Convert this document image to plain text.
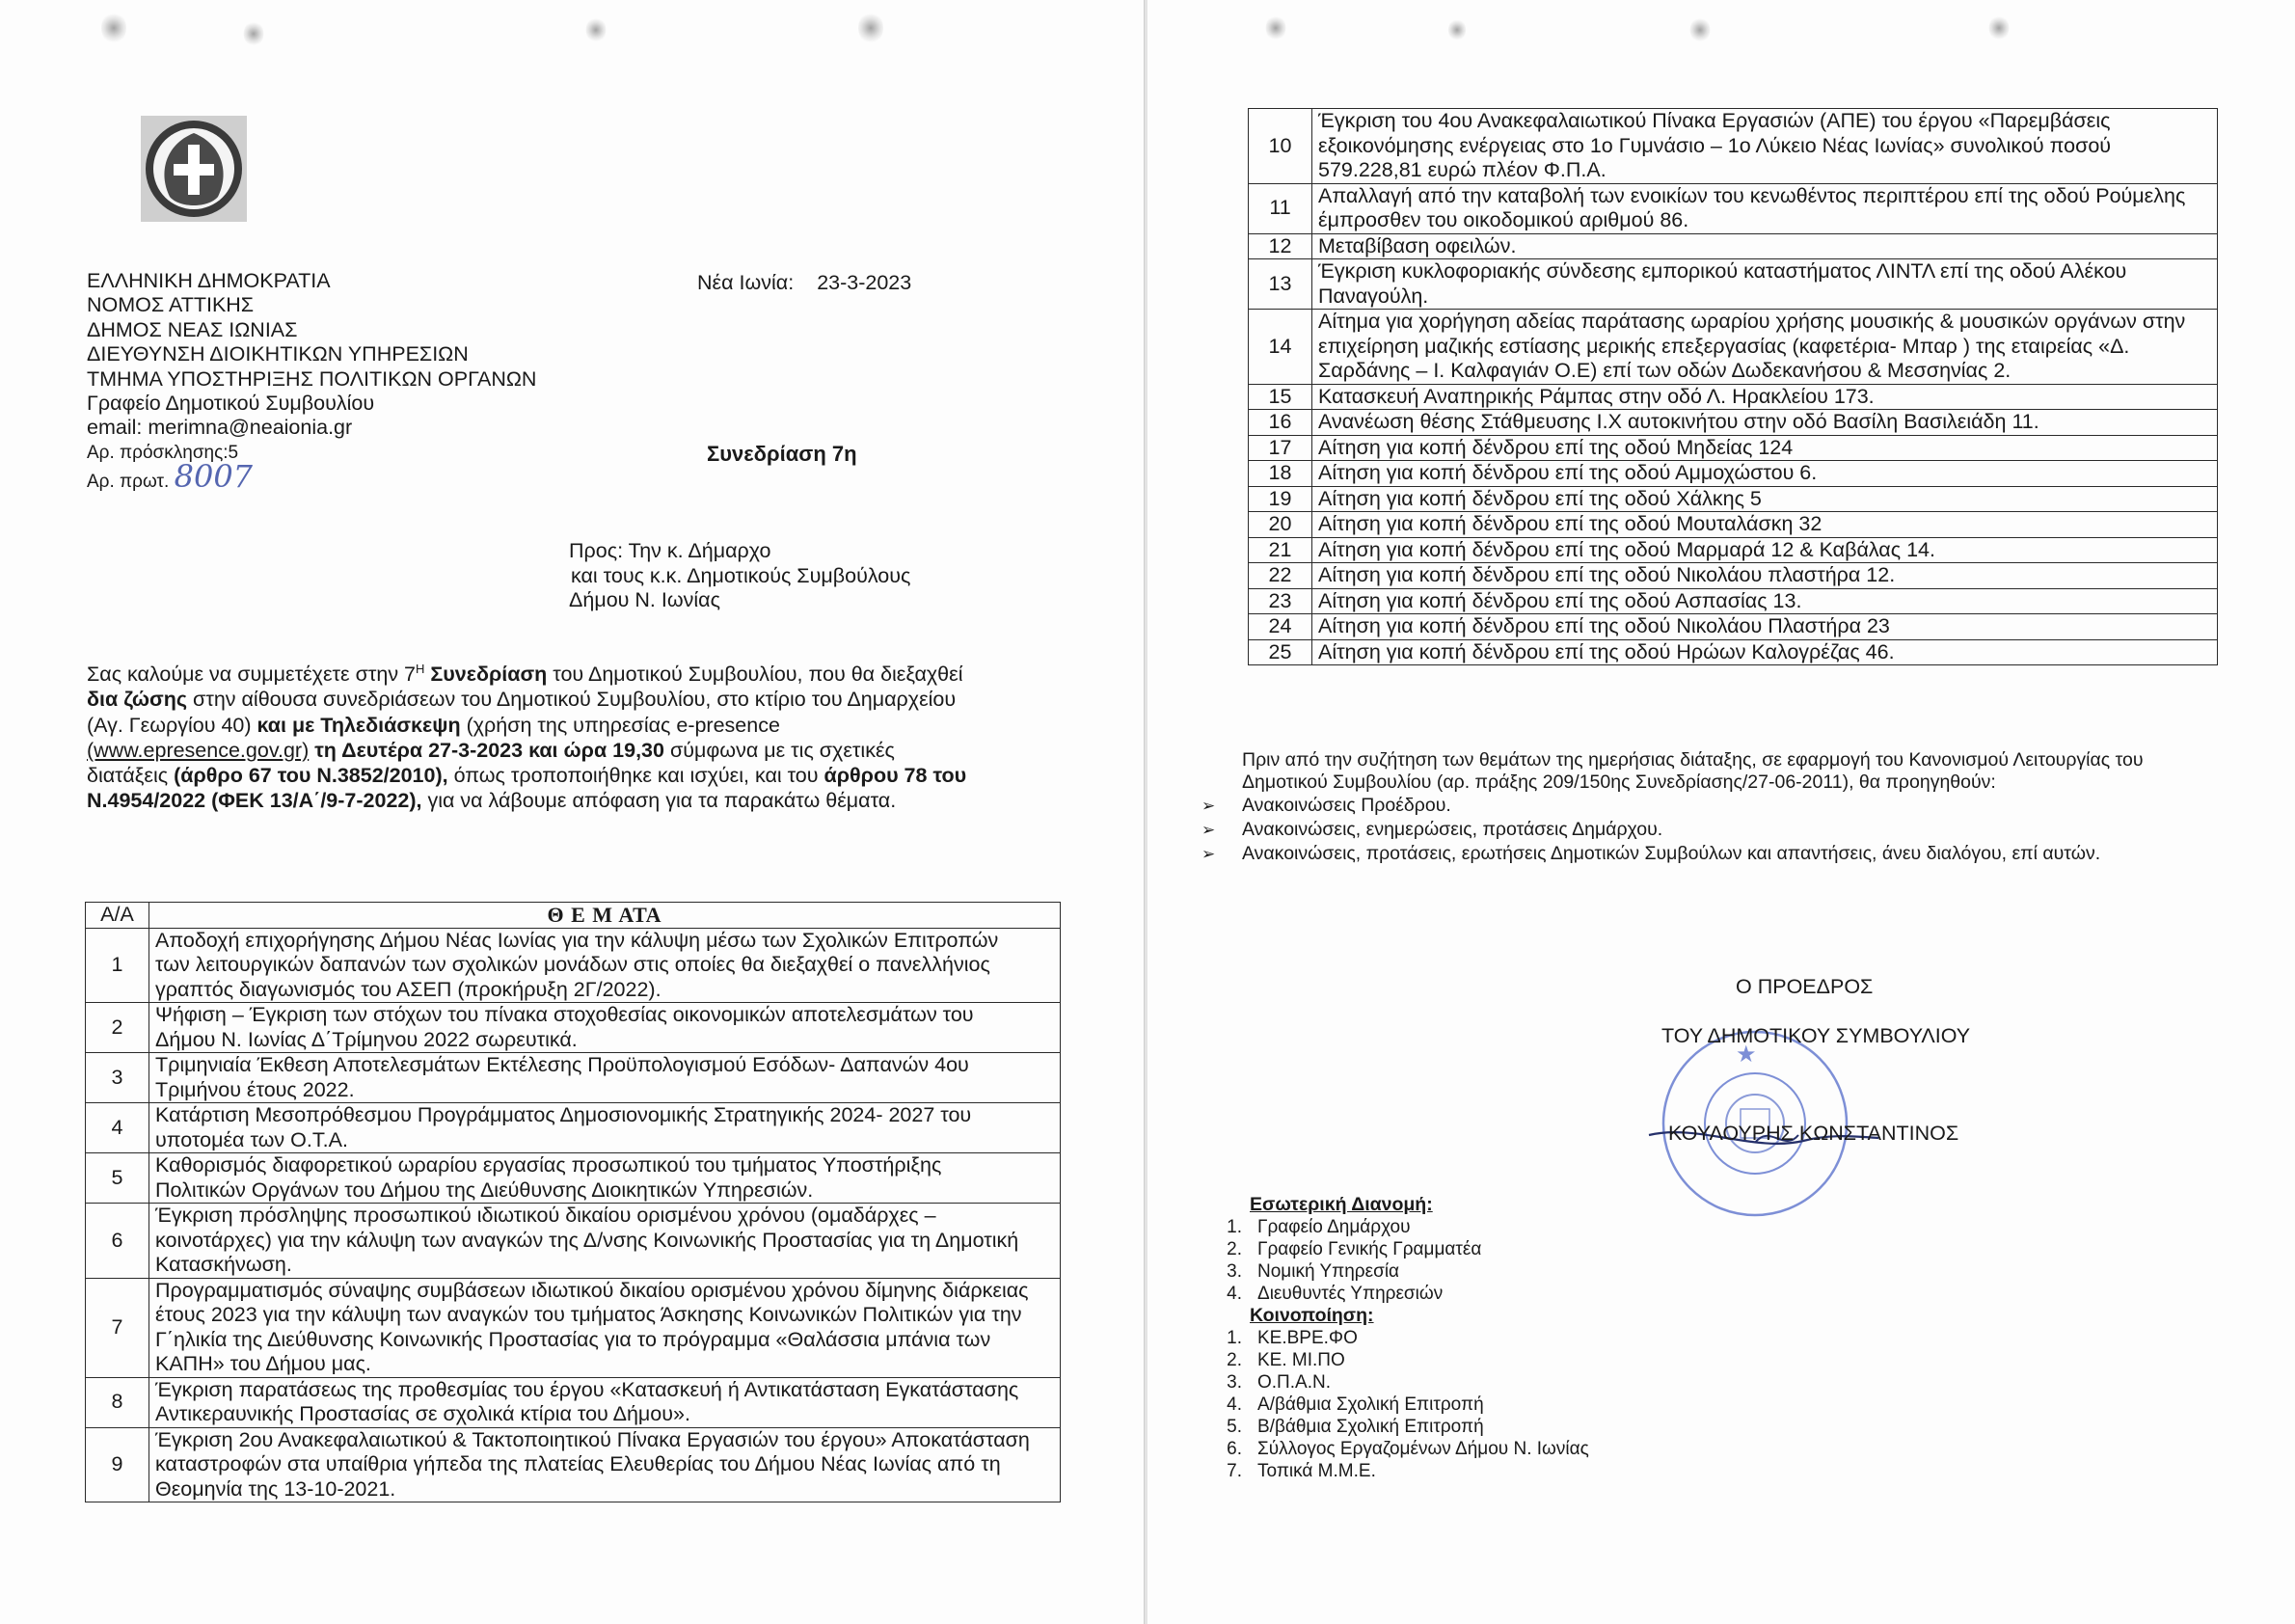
ΕΛΛΗΝΙΚΗ ΔΗΜΟΚΡΑΤΙΑ
ΝΟΜΟΣ ΑΤΤΙΚΗΣ
ΔΗΜΟΣ ΝΕΑΣ ΙΩΝΙΑΣ
ΔΙΕΥΘΥΝΣΗ ΔΙΟΙΚΗΤΙΚΩΝ ΥΠΗΡΕΣΙΩΝ
ΤΜΗΜΑ ΥΠΟΣΤΗΡΙΞΗΣ ΠΟΛΙΤΙΚΩΝ ΟΡΓΑΝΩΝ
Γραφείο Δημοτικού Συμβουλίου
email: merimna@neaionia.gr
Αρ. πρόσκλησης:5
Αρ. πρωτ. 8007
Νέα Ιωνία: 23-3-2023
Συνεδρίαση 7η
Προς: Την κ. Δήμαρχο
και τους κ.κ. Δημοτικούς Συμβούλους
Δήμου Ν. Ιωνίας

Σας καλούμε να συμμετέχετε στην $7^H$ Συνεδρίαση του Δημοτικού Συμβουλίου, που θα διεξαχθεί

δια ζώσης στην αίθουσα συνεδριάσεων του Δημοτικού Συμβουλίου, στο κτίριο του Δημαρχείου

(Αγ. Γεωργίου 40) και με Τηλεδιάσκεψη (χρήση της υπηρεσίας e-presence

(www.epresence.gov.gr) τη Δευτέρα 27-3-2023 και ώρα 19,30 σύμφωνα με τις σχετικές

διατάξεις (άρθρο 67 του Ν.3852/2010), όπως τροποποιήθηκε και ισχύει, και του άρθρου 78 του

Ν.4954/2022 (ΦΕΚ 13/Α΄/9-7-2022), για να λάβουμε απόφαση για τα παρακάτω θέματα.

Α/Α	Θ Ε Μ ΑΤΑ
1	Αποδοχή επιχορήγησης Δήμου Νέας Ιωνίας για την κάλυψη μέσω των Σχολικών Επιτροπών
των λειτουργικών δαπανών των σχολικών μονάδων στις οποίες θα διεξαχθεί ο πανελλήνιος
γραπτός διαγωνισμός του ΑΣΕΠ (προκήρυξη 2Γ/2022).

2	Ψήφιση – Έγκριση των στόχων του πίνακα στοχοθεσίας οικονομικών αποτελεσμάτων του
Δήμου Ν. Ιωνίας Δ΄Τρίμηνου 2022 σωρευτικά.

3	Τριμηνιαία Έκθεση Αποτελεσμάτων Εκτέλεσης Προϋπολογισμού Εσόδων- Δαπανών 4ου
Τριμήνου έτους 2022.

4	Κατάρτιση Μεσοπρόθεσμου Προγράμματος Δημοσιονομικής Στρατηγικής 2024- 2027 του
υποτομέα των Ο.Τ.Α.

5	Καθορισμός διαφορετικού ωραρίου εργασίας προσωπικού του τμήματος Υποστήριξης
Πολιτικών Οργάνων του Δήμου της Διεύθυνσης Διοικητικών Υπηρεσιών.

6	Έγκριση πρόσληψης προσωπικού ιδιωτικού δικαίου ορισμένου χρόνου (ομαδάρχες –
κοινοτάρχες) για την κάλυψη των αναγκών της Δ/νσης Κοινωνικής Προστασίας για τη Δημοτική
Κατασκήνωση.

7	Προγραμματισμός σύναψης συμβάσεων ιδιωτικού δικαίου ορισμένου χρόνου δίμηνης διάρκειας
έτους 2023 για την κάλυψη των αναγκών του τμήματος Άσκησης Κοινωνικών Πολιτικών για την
Γ΄ηλικία της Διεύθυνσης Κοινωνικής Προστασίας για το πρόγραμμα «Θαλάσσια μπάνια των
ΚΑΠΗ» του Δήμου μας.

8	Έγκριση παρατάσεως της προθεσμίας του έργου «Κατασκευή ή Αντικατάσταση Εγκατάστασης
Αντικεραυνικής Προστασίας σε σχολικά κτίρια του Δήμου».

9	Έγκριση 2ου Ανακεφαλαιωτικού & Τακτοποιητικού Πίνακα Εργασιών του έργου» Αποκατάσταση
καταστροφών στα υπαίθρια γήπεδα της πλατείας Ελευθερίας του Δήμου Νέας Ιωνίας από τη
Θεομηνία της 13-10-2021.
10	Έγκριση του 4ου Ανακεφαλαιωτικού Πίνακα Εργασιών (ΑΠΕ) του έργου «Παρεμβάσεις
εξοικονόμησης ενέργειας στο 1ο Γυμνάσιο – 1ο Λύκειο Νέας Ιωνίας» συνολικού ποσού
579.228,81 ευρώ πλέον Φ.Π.Α.

11	Απαλλαγή από την καταβολή των ενοικίων του κενωθέντος περιπτέρου επί της οδού Ρούμελης
έμπροσθεν του οικοδομικού αριθμού 86.

12	Μεταβίβαση οφειλών.

13	Έγκριση κυκλοφοριακής σύνδεσης εμπορικού καταστήματος ΛΙΝΤΛ επί της οδού Αλέκου
Παναγούλη.

14	Αίτημα για χορήγηση αδείας παράτασης ωραρίου χρήσης μουσικής & μουσικών οργάνων στην
επιχείρηση μαζικής εστίασης μερικής επεξεργασίας (καφετέρια- Μπαρ ) της εταιρείας «Δ.
Σαρδάνης – Ι. Καλφαγιάν Ο.Ε) επί των οδών Δωδεκανήσου & Μεσσηνίας 2.

15	Κατασκευή Αναπηρικής Ράμπας στην οδό Λ. Ηρακλείου 173.

16	Ανανέωση θέσης Στάθμευσης Ι.Χ αυτοκινήτου στην οδό Βασίλη Βασιλειάδη 11.

17	Αίτηση για κοπή δένδρου επί της οδού Μηδείας 124

18	Αίτηση για κοπή δένδρου επί της οδού Αμμοχώστου 6.

19	Αίτηση για κοπή δένδρου επί της οδού Χάλκης 5

20	Αίτηση για κοπή δένδρου επί της οδού Μουταλάσκη 32

21	Αίτηση για κοπή δένδρου επί της οδού Μαρμαρά 12 & Καβάλας 14.

22	Αίτηση για κοπή δένδρου επί της οδού Νικολάου πλαστήρα 12.

23	Αίτηση για κοπή δένδρου επί της οδού Ασπασίας 13.

24	Αίτηση για κοπή δένδρου επί της οδού Νικολάου Πλαστήρα 23

25	Αίτηση για κοπή δένδρου επί της οδού Ηρώων Καλογρέζας 46.
Πριν από την συζήτηση των θεμάτων της ημερήσιας διάταξης, σε εφαρμογή του Κανονισμού Λειτουργίας του
Δημοτικού Συμβουλίου (αρ. πράξης 209/150ης Συνεδρίασης/27-06-2011), θα προηγηθούν:
➢ Ανακοινώσεις Προέδρου.
➢ Ανακοινώσεις, ενημερώσεις, προτάσεις Δημάρχου.
➢ Ανακοινώσεις, προτάσεις, ερωτήσεις Δημοτικών Συμβούλων και απαντήσεις, άνευ διαλόγου, επί αυτών.
★
Ο ΠΡΟΕΔΡΟΣ
ΤΟΥ ΔΗΜΟΤΙΚΟΥ ΣΥΜΒΟΥΛΙΟΥ
ΚΟΥΛΟΥΡΗΣ ΚΩΝΣΤΑΝΤΙΝΟΣ
Εσωτερική Διανομή:
1. Γραφείο Δημάρχου
2. Γραφείο Γενικής Γραμματέα
3. Νομική Υπηρεσία
4. Διευθυντές Υπηρεσιών
Κοινοποίηση:
1. ΚΕ.ΒΡΕ.ΦΟ
2. ΚΕ. ΜΙ.ΠΟ
3. Ο.Π.Α.Ν.
4. Α/βάθμια Σχολική Επιτροπή
5. Β/βάθμια Σχολική Επιτροπή
6. Σύλλογος Εργαζομένων Δήμου Ν. Ιωνίας
7. Τοπικά Μ.Μ.Ε.
